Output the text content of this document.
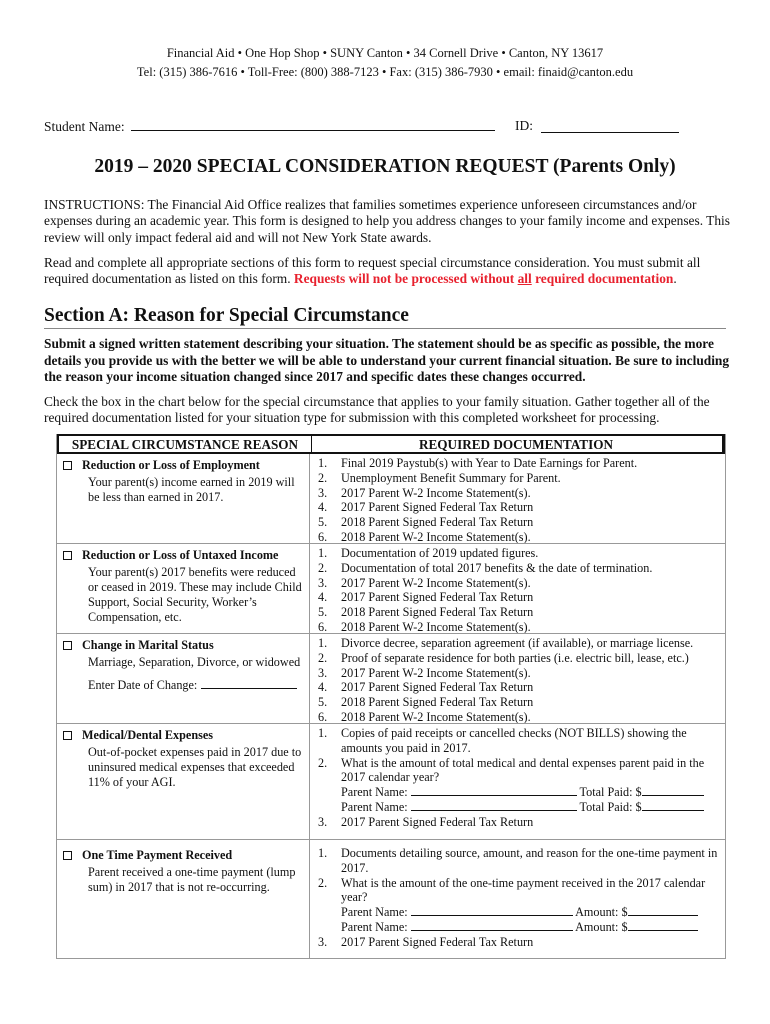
Financial Aid • One Hop Shop • SUNY Canton • 34 Cornell Drive • Canton, NY 13617
Tel: (315) 386-7616 • Toll-Free: (800) 388-7123 • Fax: (315) 386-7930 • email: finaid@canton.edu
Student Name:	ID:
2019 – 2020 SPECIAL CONSIDERATION REQUEST (Parents Only)
INSTRUCTIONS: The Financial Aid Office realizes that families sometimes experience unforeseen circumstances and/or expenses during an academic year. This form is designed to help you address changes to your family income and expenses. This review will only impact federal aid and will not New York State awards.
Read and complete all appropriate sections of this form to request special circumstance consideration. You must submit all required documentation as listed on this form. Requests will not be processed without all required documentation.
Section A: Reason for Special Circumstance
Submit a signed written statement describing your situation. The statement should be as specific as possible, the more details you provide us with the better we will be able to understand your current financial situation. Be sure to including the reason your income situation changed since 2017 and specific dates these changes occurred.
Check the box in the chart below for the special circumstance that applies to your family situation. Gather together all of the required documentation listed for your situation type for submission with this completed worksheet for processing.
SPECIAL CIRCUMSTANCE REASON	REQUIRED DOCUMENTATION
Reduction or Loss of Employment
Your parent(s) income earned in 2019 will be less than earned in 2017.
1. Final 2019 Paystub(s) with Year to Date Earnings for Parent.
2. Unemployment Benefit Summary for Parent.
3. 2017 Parent W-2 Income Statement(s).
4. 2017 Parent Signed Federal Tax Return
5. 2018 Parent Signed Federal Tax Return
6. 2018 Parent W-2 Income Statement(s).
Reduction or Loss of Untaxed Income
Your parent(s) 2017 benefits were reduced or ceased in 2019. These may include Child Support, Social Security, Worker’s Compensation, etc.
1. Documentation of 2019 updated figures.
2. Documentation of total 2017 benefits & the date of termination.
3. 2017 Parent W-2 Income Statement(s).
4. 2017 Parent Signed Federal Tax Return
5. 2018 Parent Signed Federal Tax Return
6. 2018 Parent W-2 Income Statement(s).
Change in Marital Status
Marriage, Separation, Divorce, or widowed
Enter Date of Change:
1. Divorce decree, separation agreement (if available), or marriage license.
2. Proof of separate residence for both parties (i.e. electric bill, lease, etc.)
3. 2017 Parent W-2 Income Statement(s).
4. 2017 Parent Signed Federal Tax Return
5. 2018 Parent Signed Federal Tax Return
6. 2018 Parent W-2 Income Statement(s).
Medical/Dental Expenses
Out-of-pocket expenses paid in 2017 due to uninsured medical expenses that exceeded 11% of your AGI.
1. Copies of paid receipts or cancelled checks (NOT BILLS) showing the amounts you paid in 2017.
2. What is the amount of total medical and dental expenses parent paid in the 2017 calendar year?
Parent Name:	Total Paid: $
Parent Name:	Total Paid: $
3. 2017 Parent Signed Federal Tax Return
One Time Payment Received
Parent received a one-time payment (lump sum) in 2017 that is not re-occurring.
1. Documents detailing source, amount, and reason for the one-time payment in 2017.
2. What is the amount of the one-time payment received in the 2017 calendar year?
Parent Name:	Amount: $
Parent Name:	Amount: $
3. 2017 Parent Signed Federal Tax Return
